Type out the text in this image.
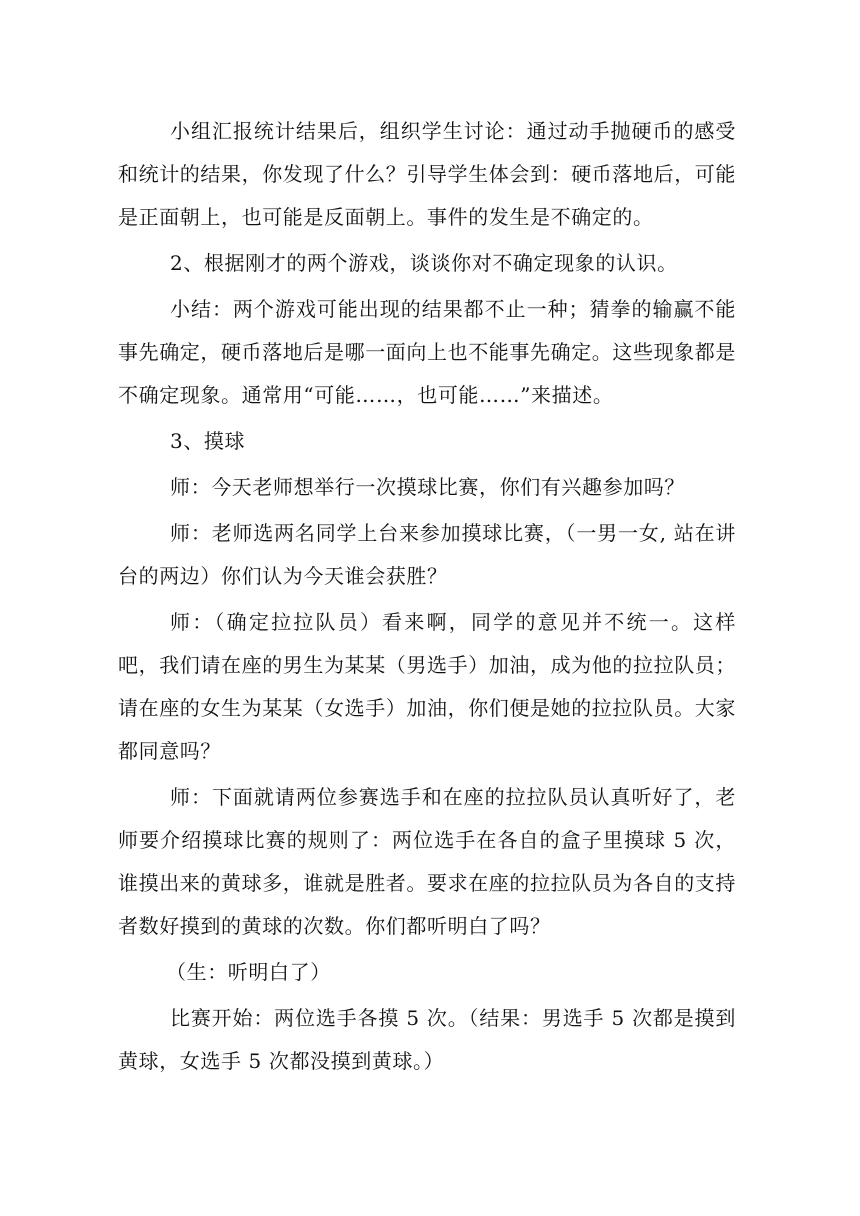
小组汇报统计结果后，组织学生讨论：通过动手抛硬币的感受和统计的结果，你发现了什么？引导学生体会到：硬币落地后，可能是正面朝上，也可能是反面朝上。事件的发生是不确定的。

2、根据刚才的两个游戏，谈谈你对不确定现象的认识。

小结：两个游戏可能出现的结果都不止一种；猜拳的输赢不能事先确定，硬币落地后是哪一面向上也不能事先确定。这些现象都是不确定现象。通常用“可能……，也可能……”来描述。

3、摸球

师：今天老师想举行一次摸球比赛，你们有兴趣参加吗？

师：老师选两名同学上台来参加摸球比赛，（一男一女, 站在讲台的两边）你们认为今天谁会获胜？

师：（确定拉拉队员）看来啊，同学的意见并不统一。这样吧，我们请在座的男生为某某（男选手）加油，成为他的拉拉队员；请在座的女生为某某（女选手）加油，你们便是她的拉拉队员。大家都同意吗？

师：下面就请两位参赛选手和在座的拉拉队员认真听好了，老师要介绍摸球比赛的规则了：两位选手在各自的盒子里摸球 5 次，谁摸出来的黄球多，谁就是胜者。要求在座的拉拉队员为各自的支持者数好摸到的黄球的次数。你们都听明白了吗？

（生：听明白了）

比赛开始：两位选手各摸 5 次。（结果：男选手 5 次都是摸到黄球，女选手 5 次都没摸到黄球。）
